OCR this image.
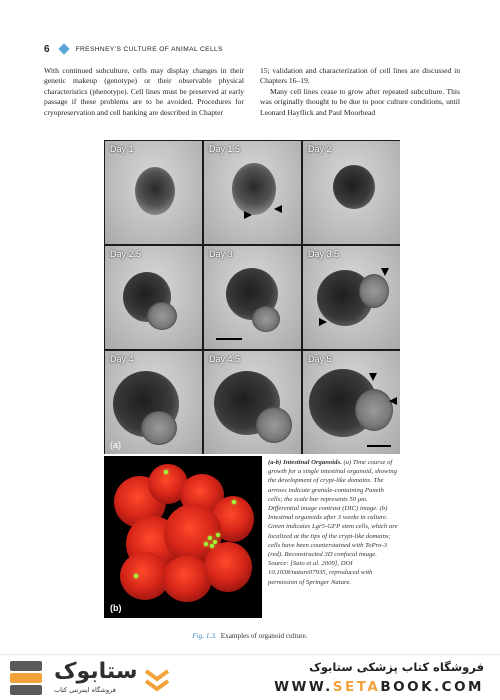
6	FRESHNEY’S CULTURE OF ANIMAL CELLS

With continued subculture, cells may display changes in their genetic makeup (genotype) or their observable physical characteristics (phenotype). Cell lines must be preserved at early passage if these problems are to be avoided. Procedures for cryopreservation and cell banking are described in Chapter

15; validation and characterization of cell lines are discussed in Chapters 16–19.

Many cell lines cease to grow after repeated subculture. This was originally thought to be due to poor culture conditions, until Leonard Hayflick and Paul Moorhead

Day 1	Day 1.5	Day 2
Day 2.5	Day 3	Day 3.5
Day 4	Day 4.5	Day 5
(a)
(b)
(a-b) Intestinal Organoids. (a) Time course of growth for a single intestinal organoid, showing the development of crypt-like domains. The arrows indicate granule-containing Paneth cells; the scale bar represents 50 μm. Differential image contrast (DIC) image. (b) Intestinal organoids after 3 weeks in culture. Green indicates Lgr5-GFP stem cells, which are localized at the tips of the crypt-like domains; cells have been counterstained with ToPro-3 (red). Reconstructed 3D confocal image. Source: [Sato et al. 2009], DOI 10.1038/nature07935, reproduced with permission of Springer Nature.
Fig. 1.3. Examples of organoid culture.
ستابوک
فروشگاه اینترنتی کتاب
فروشگاه کتاب پزشکی ستابوک
WWW.SETABOOK.COM
